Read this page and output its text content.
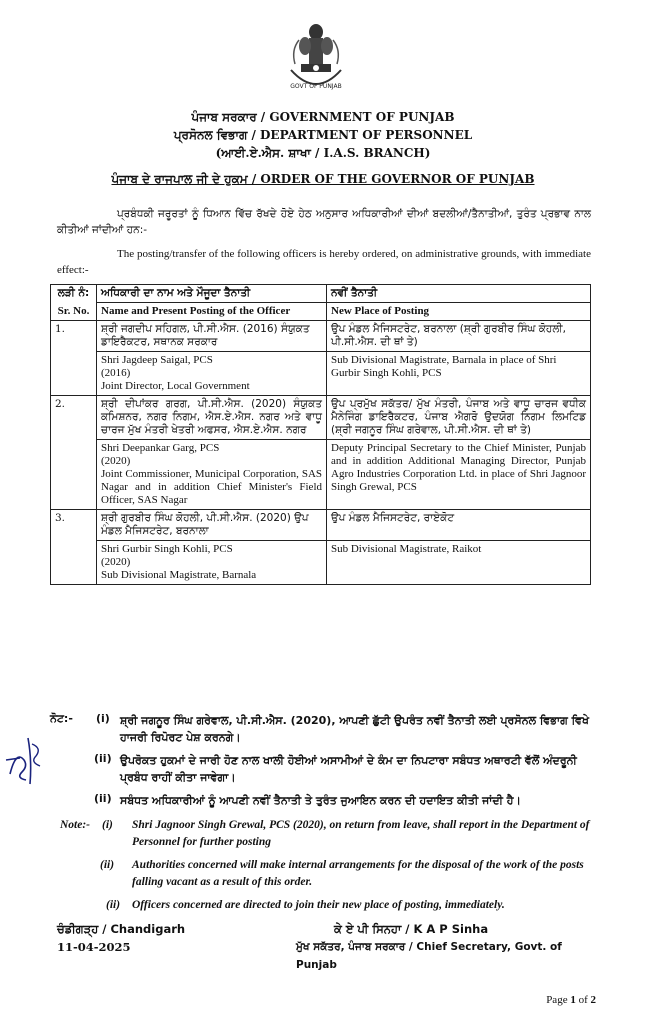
GOVT OF PUNJAB
ਪੰਜਾਬ ਸਰਕਾਰ / GOVERNMENT OF PUNJAB
ਪ੍ਰਸੋਨਲ ਵਿਭਾਗ / DEPARTMENT OF PERSONNEL
(ਆਈ.ਏ.ਐਸ. ਸ਼ਾਖਾ / I.A.S. BRANCH)
ਪੰਜਾਬ ਦੇ ਰਾਜਪਾਲ ਜੀ ਦੇ ਹੁਕਮ / ORDER OF THE GOVERNOR OF PUNJAB
ਪ੍ਰਬੰਧਕੀ ਜਰੂਰਤਾਂ ਨੂੰ ਧਿਆਨ ਵਿੱਚ ਰੱਖਦੇ ਹੋਏ ਹੇਠ ਅਨੁਸਾਰ ਅਧਿਕਾਰੀਆਂ ਦੀਆਂ ਬਦਲੀਆਂ/ਤੈਨਾਤੀਆਂ, ਤੁਰੰਤ ਪ੍ਰਭਾਵ ਨਾਲ ਕੀਤੀਆਂ ਜਾਂਦੀਆਂ ਹਨ:-
The posting/transfer of the following officers is hereby ordered, on administrative grounds, with immediate effect:-
ਲੜੀ ਨੰ:	ਅਧਿਕਾਰੀ ਦਾ ਨਾਮ ਅਤੇ ਮੌਜੂਦਾ ਤੈਨਾਤੀ	ਨਵੀਂ ਤੈਨਾਤੀ
Sr. No.	Name and Present Posting of the Officer	New Place of Posting
1.	ਸ਼੍ਰੀ ਜਗਦੀਪ ਸਹਿਗਲ, ਪੀ.ਸੀ.ਐਸ. (2016) ਸੰਯੁਕਤ ਡਾਇਰੈਕਟਰ, ਸਥਾਨਕ ਸਰਕਾਰ	ਉਪ ਮੰਡਲ ਮੈਜਿਸਟਰੇਟ, ਬਰਨਾਲਾ (ਸ਼੍ਰੀ ਗੁਰਬੀਰ ਸਿੰਘ ਕੋਹਲੀ, ਪੀ.ਸੀ.ਐਸ. ਦੀ ਥਾਂ ਤੇ)

	Shri Jagdeep Saigal, PCS
(2016)
Joint Director, Local Government	Sub Divisional Magistrate, Barnala in place of Shri Gurbir Singh Kohli, PCS
2.	ਸ਼੍ਰੀ ਦੀਪਾਂਕਰ ਗਰਗ, ਪੀ.ਸੀ.ਐਸ. (2020) ਸੰਯੁਕਤ ਕਮਿਸ਼ਨਰ, ਨਗਰ ਨਿਗਮ, ਐਸ.ਏ.ਐਸ. ਨਗਰ ਅਤੇ ਵਾਧੂ ਚਾਰਜ ਮੁੱਖ ਮੰਤਰੀ ਖੇਤਰੀ ਅਫਸਰ, ਐਸ.ਏ.ਐਸ. ਨਗਰ	ਉਪ ਪ੍ਰਮੁੱਖ ਸਕੱਤਰ/ ਮੁੱਖ ਮੰਤਰੀ, ਪੰਜਾਬ ਅਤੇ ਵਾਧੂ ਚਾਰਜ ਵਧੀਕ ਮੈਨੇਜਿੰਗ ਡਾਇਰੈਕਟਰ, ਪੰਜਾਬ ਐਗਰੋ ਉਦਯੋਗ ਨਿਗਮ ਲਿਮਟਿਡ (ਸ਼੍ਰੀ ਜਗਨੂਰ ਸਿੰਘ ਗਰੇਵਾਲ, ਪੀ.ਸੀ.ਐਸ. ਦੀ ਥਾਂ ਤੇ)

	Shri Deepankar Garg, PCS
(2020)
Joint Commissioner, Municipal Corporation, SAS Nagar and in addition Chief Minister's Field Officer, SAS Nagar	Deputy Principal Secretary to the Chief Minister, Punjab and in addition Additional Managing Director, Punjab Agro Industries Corporation Ltd. in place of Shri Jagnoor Singh Grewal, PCS
3.	ਸ਼੍ਰੀ ਗੁਰਬੀਰ ਸਿੰਘ ਕੋਹਲੀ, ਪੀ.ਸੀ.ਐਸ. (2020) ਉਪ ਮੰਡਲ ਮੈਜਿਸਟਰੇਟ, ਬਰਨਾਲਾ	ਉਪ ਮੰਡਲ ਮੈਜਿਸਟਰੇਟ, ਰਾਏਕੋਟ

	Shri Gurbir Singh Kohli, PCS
(2020)
Sub Divisional Magistrate, Barnala	Sub Divisional Magistrate, Raikot
ਨੋਟ:- (i) ਸ਼੍ਰੀ ਜਗਨੂਰ ਸਿੰਘ ਗਰੇਵਾਲ, ਪੀ.ਸੀ.ਐਸ. (2020), ਆਪਣੀ ਛੁੱਟੀ ਉਪਰੰਤ ਨਵੀਂ ਤੈਨਾਤੀ ਲਈ ਪ੍ਰਸੋਨਲ ਵਿਭਾਗ ਵਿਖੇ ਹਾਜਰੀ ਰਿਪੋਰਟ ਪੇਸ਼ ਕਰਨਗੇ।
(ii) ਉਪਰੋਕਤ ਹੁਕਮਾਂ ਦੇ ਜਾਰੀ ਹੋਣ ਨਾਲ ਖਾਲੀ ਹੋਈਆਂ ਅਸਾਮੀਆਂ ਦੇ ਕੰਮ ਦਾ ਨਿਪਟਾਰਾ ਸਬੰਧਤ ਅਥਾਰਟੀ ਵੱਲੋਂ ਅੰਦਰੂਨੀ ਪ੍ਰਬੰਧ ਰਾਹੀਂ ਕੀਤਾ ਜਾਵੇਗਾ।
(ii) ਸਬੰਧਤ ਅਧਿਕਾਰੀਆਂ ਨੂੰ ਆਪਣੀ ਨਵੀਂ ਤੈਨਾਤੀ ਤੇ ਤੁਰੰਤ ਜੁਆਇਨ ਕਰਨ ਦੀ ਹਦਾਇਤ ਕੀਤੀ ਜਾਂਦੀ ਹੈ।
Note:- (i) Shri Jagnoor Singh Grewal, PCS (2020), on return from leave, shall report in the Department of Personnel for further posting
(ii) Authorities concerned will make internal arrangements for the disposal of the work of the posts falling vacant as a result of this order.
(ii) Officers concerned are directed to join their new place of posting, immediately.
ਚੰਡੀਗੜ੍ਹ / Chandigarh
11-04-2025
ਕੇ ਏ ਪੀ ਸਿਨਹਾ / K A P Sinha
ਮੁੱਖ ਸਕੱਤਰ, ਪੰਜਾਬ ਸਰਕਾਰ / Chief Secretary, Govt. of Punjab
Page 1 of 2
